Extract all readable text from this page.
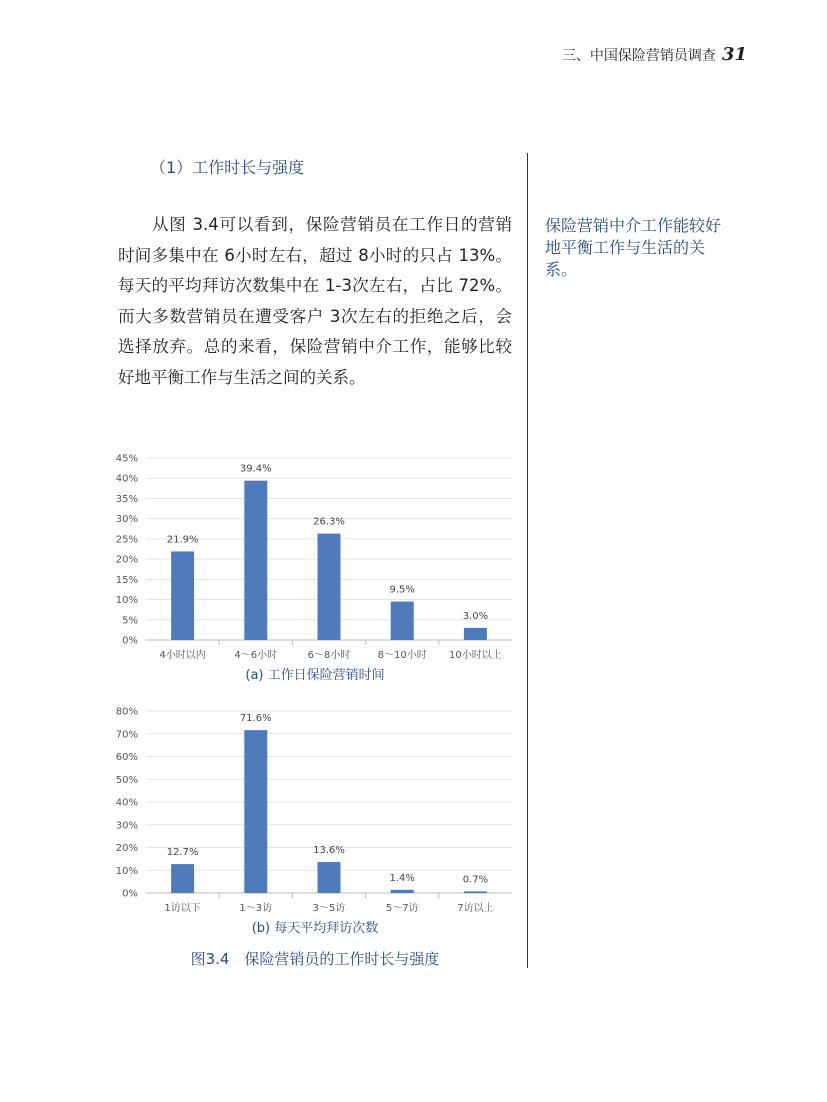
三、中国保险营销员调查 31
（1）工作时长与强度
从图 3.4可以看到，保险营销员在工作日的营销时间多集中在 6小时左右，超过 8小时的只占 13%。每天的平均拜访次数集中在 1-3次左右，占比 72%。而大多数营销员在遭受客户 3次左右的拒绝之后，会选择放弃。总的来看，保险营销中介工作，能够比较好地平衡工作与生活之间的关系。
保险营销中介工作能较好地平衡工作与生活的关系。
0%
5%
10%
15%
20%
25%
30%
35%
40%
45%
21.9%
4小时以内
39.4%
4～6小时
26.3%
6～8小时
9.5%
8～10小时
3.0%
10小时以上
(a) 工作日保险营销时间
0%
10%
20%
30%
40%
50%
60%
70%
80%
12.7%
1访以下
71.6%
1～3访
13.6%
3～5访
1.4%
5～7访
0.7%
7访以上
(b) 每天平均拜访次数
图3.4　保险营销员的工作时长与强度
